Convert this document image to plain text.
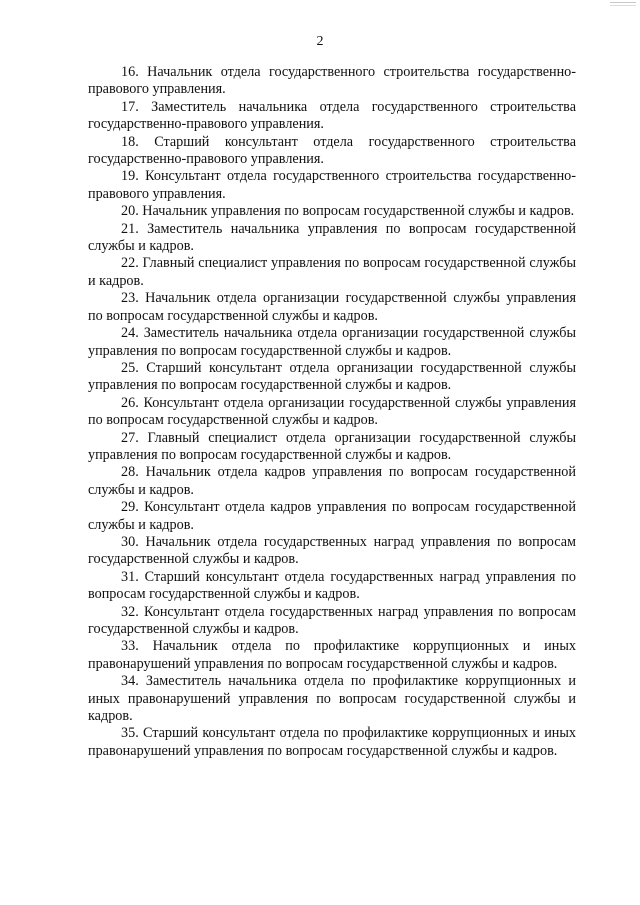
2

16. Начальник отдела государственного строительства государственно-правового управления.

17. Заместитель начальника отдела государственного строительства государственно-правового управления.

18. Старший консультант отдела государственного строительства государственно-правового управления.

19. Консультант отдела государственного строительства государственно-правового управления.

20. Начальник управления по вопросам государственной службы и кадров.

21. Заместитель начальника управления по вопросам государственной службы и кадров.

22. Главный специалист управления по вопросам государственной службы и кадров.

23. Начальник отдела организации государственной службы управления по вопросам государственной службы и кадров.

24. Заместитель начальника отдела организации государственной службы управления по вопросам государственной службы и кадров.

25. Старший консультант отдела организации государственной службы управления по вопросам государственной службы и кадров.

26. Консультант отдела организации государственной службы управления по вопросам государственной службы и кадров.

27. Главный специалист отдела организации государственной службы управления по вопросам государственной службы и кадров.

28. Начальник отдела кадров управления по вопросам государственной службы и кадров.

29. Консультант отдела кадров управления по вопросам государственной службы и кадров.

30. Начальник отдела государственных наград управления по вопросам государственной службы и кадров.

31. Старший консультант отдела государственных наград управления по вопросам государственной службы и кадров.

32. Консультант отдела государственных наград управления по вопросам государственной службы и кадров.

33. Начальник отдела по профилактике коррупционных и иных правонарушений управления по вопросам государственной службы и кадров.

34. Заместитель начальника отдела по профилактике коррупционных и иных правонарушений управления по вопросам государственной службы и кадров.

35. Старший консультант отдела по профилактике коррупционных и иных правонарушений управления по вопросам государственной службы и кадров.
